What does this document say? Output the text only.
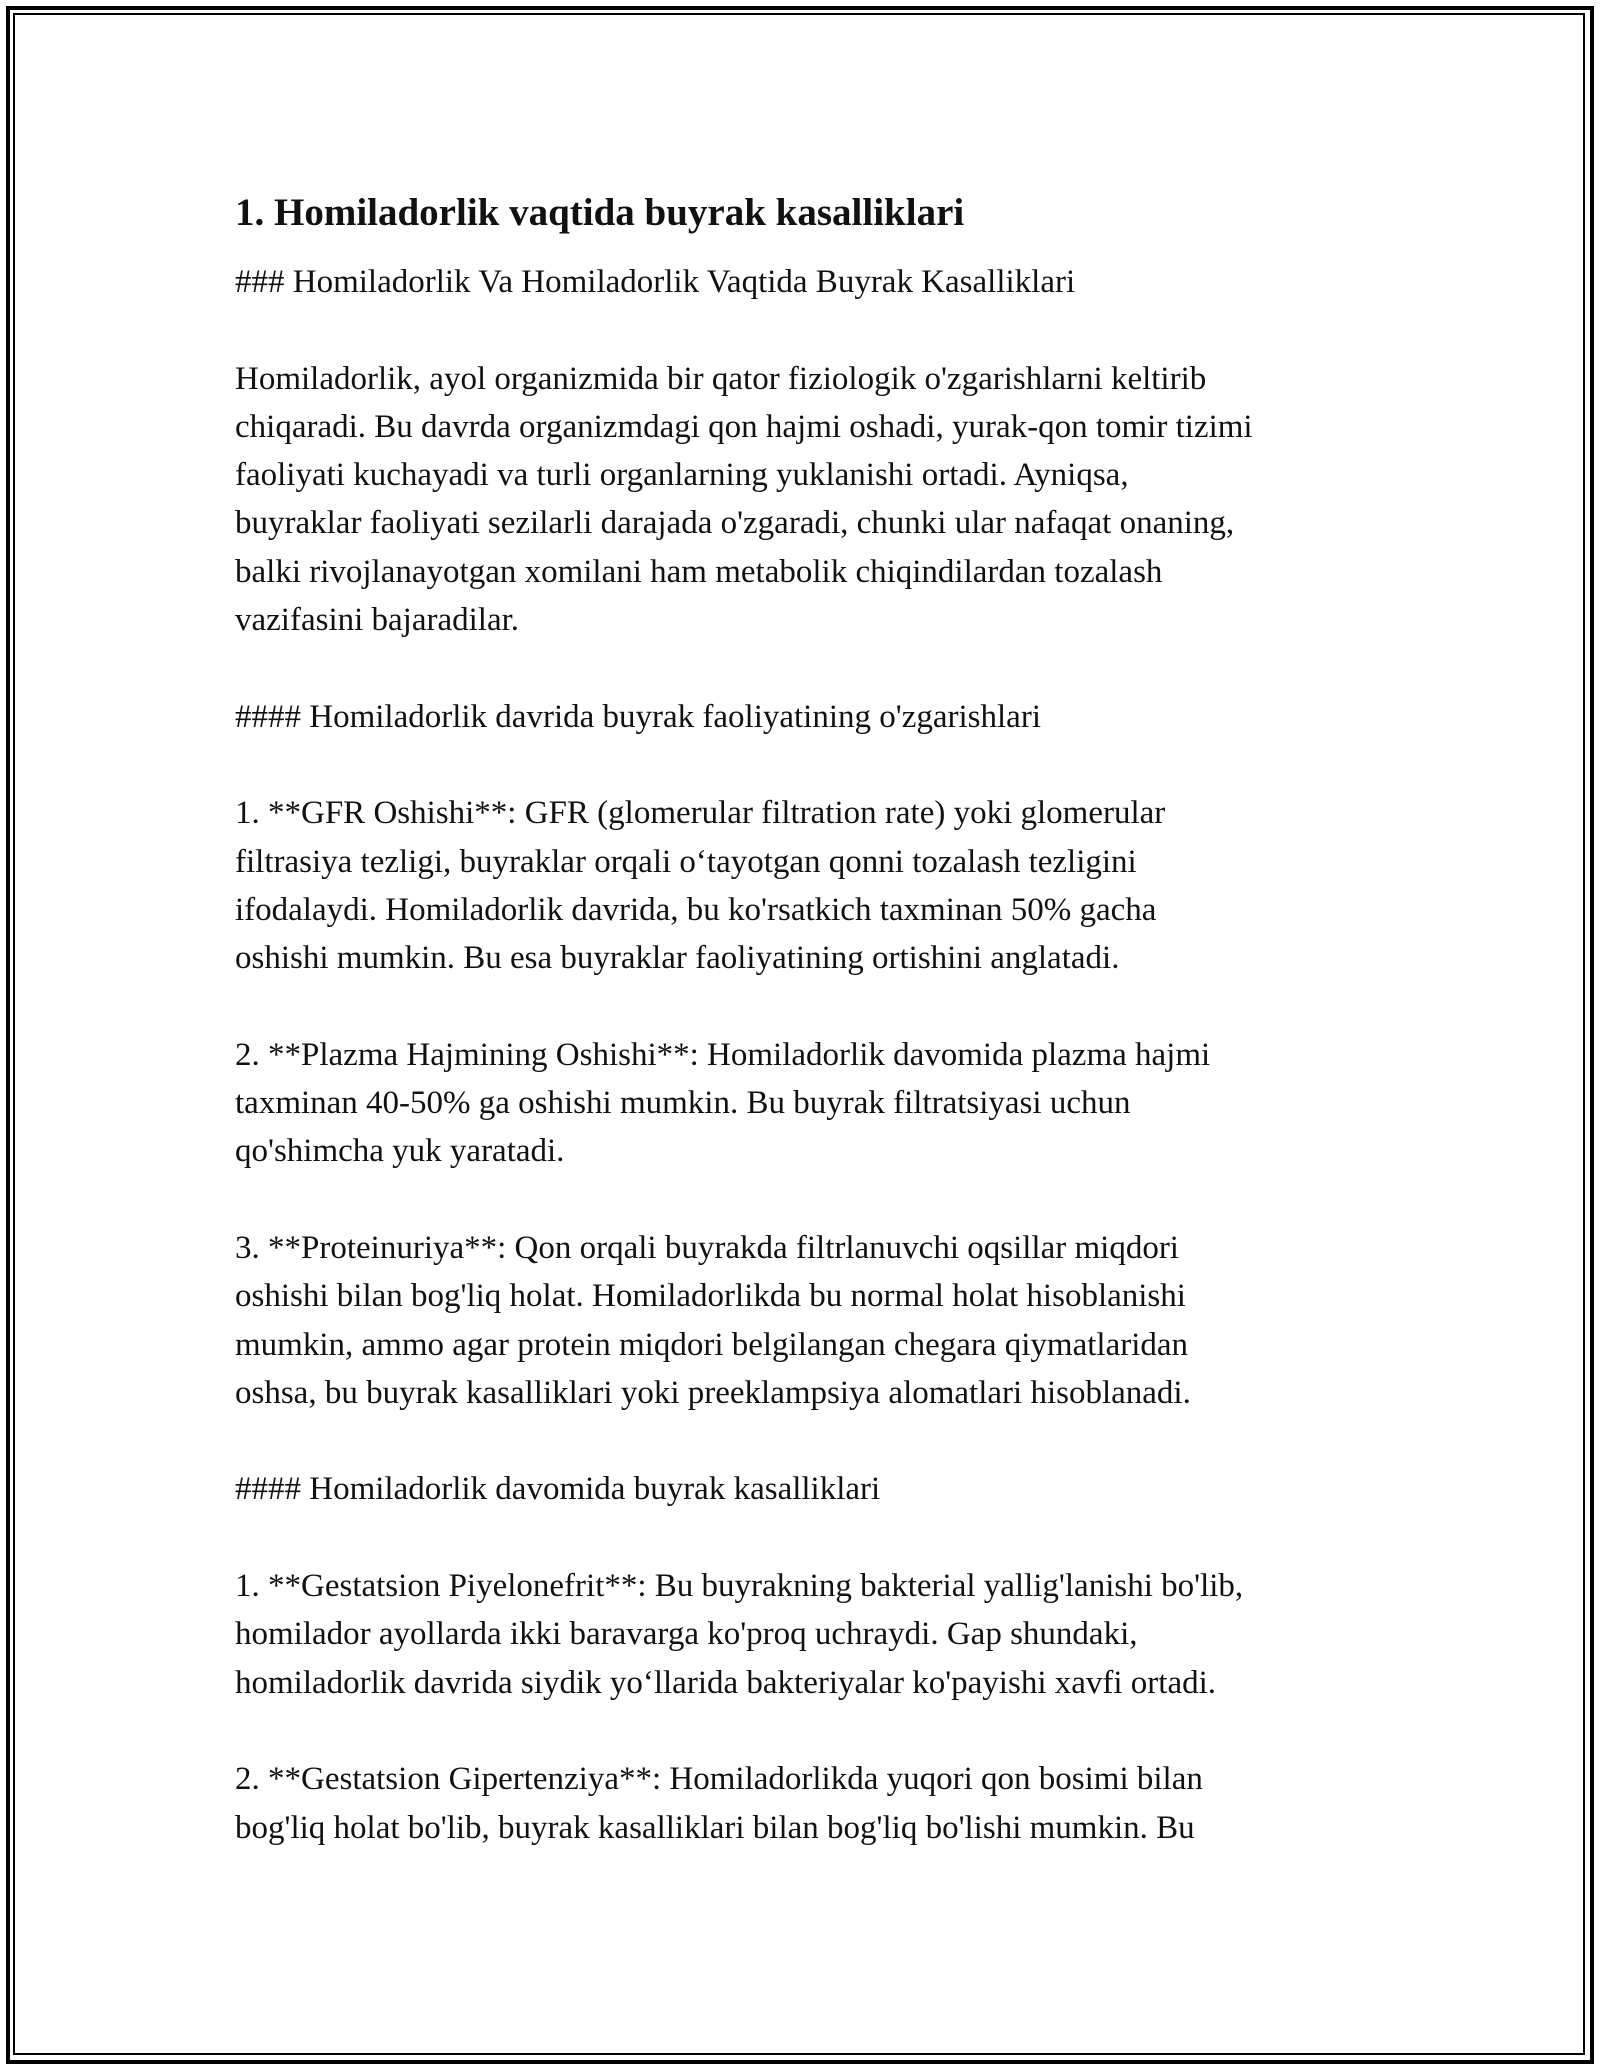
1. Homiladorlik vaqtida buyrak kasalliklari

### Homiladorlik Va Homiladorlik Vaqtida Buyrak Kasalliklari

Homiladorlik, ayol organizmida bir qator fiziologik o'zgarishlarni keltirib

chiqaradi. Bu davrda organizmdagi qon hajmi oshadi, yurak-qon tomir tizimi

faoliyati kuchayadi va turli organlarning yuklanishi ortadi. Ayniqsa,

buyraklar faoliyati sezilarli darajada o'zgaradi, chunki ular nafaqat onaning,

balki rivojlanayotgan xomilani ham metabolik chiqindilardan tozalash

vazifasini bajaradilar.

#### Homiladorlik davrida buyrak faoliyatining o'zgarishlari

1. **GFR Oshishi**: GFR (glomerular filtration rate) yoki glomerular

filtrasiya tezligi, buyraklar orqali o‘tayotgan qonni tozalash tezligini

ifodalaydi. Homiladorlik davrida, bu ko'rsatkich taxminan 50% gacha

oshishi mumkin. Bu esa buyraklar faoliyatining ortishini anglatadi.

2. **Plazma Hajmining Oshishi**: Homiladorlik davomida plazma hajmi

taxminan 40-50% ga oshishi mumkin. Bu buyrak filtratsiyasi uchun

qo'shimcha yuk yaratadi.

3. **Proteinuriya**: Qon orqali buyrakda filtrlanuvchi oqsillar miqdori

oshishi bilan bog'liq holat. Homiladorlikda bu normal holat hisoblanishi

mumkin, ammo agar protein miqdori belgilangan chegara qiymatlaridan

oshsa, bu buyrak kasalliklari yoki preeklampsiya alomatlari hisoblanadi.

#### Homiladorlik davomida buyrak kasalliklari

1. **Gestatsion Piyelonefrit**: Bu buyrakning bakterial yallig'lanishi bo'lib,

homilador ayollarda ikki baravarga ko'proq uchraydi. Gap shundaki,

homiladorlik davrida siydik yo‘llarida bakteriyalar ko'payishi xavfi ortadi.

2. **Gestatsion Gipertenziya**: Homiladorlikda yuqori qon bosimi bilan

bog'liq holat bo'lib, buyrak kasalliklari bilan bog'liq bo'lishi mumkin. Bu
